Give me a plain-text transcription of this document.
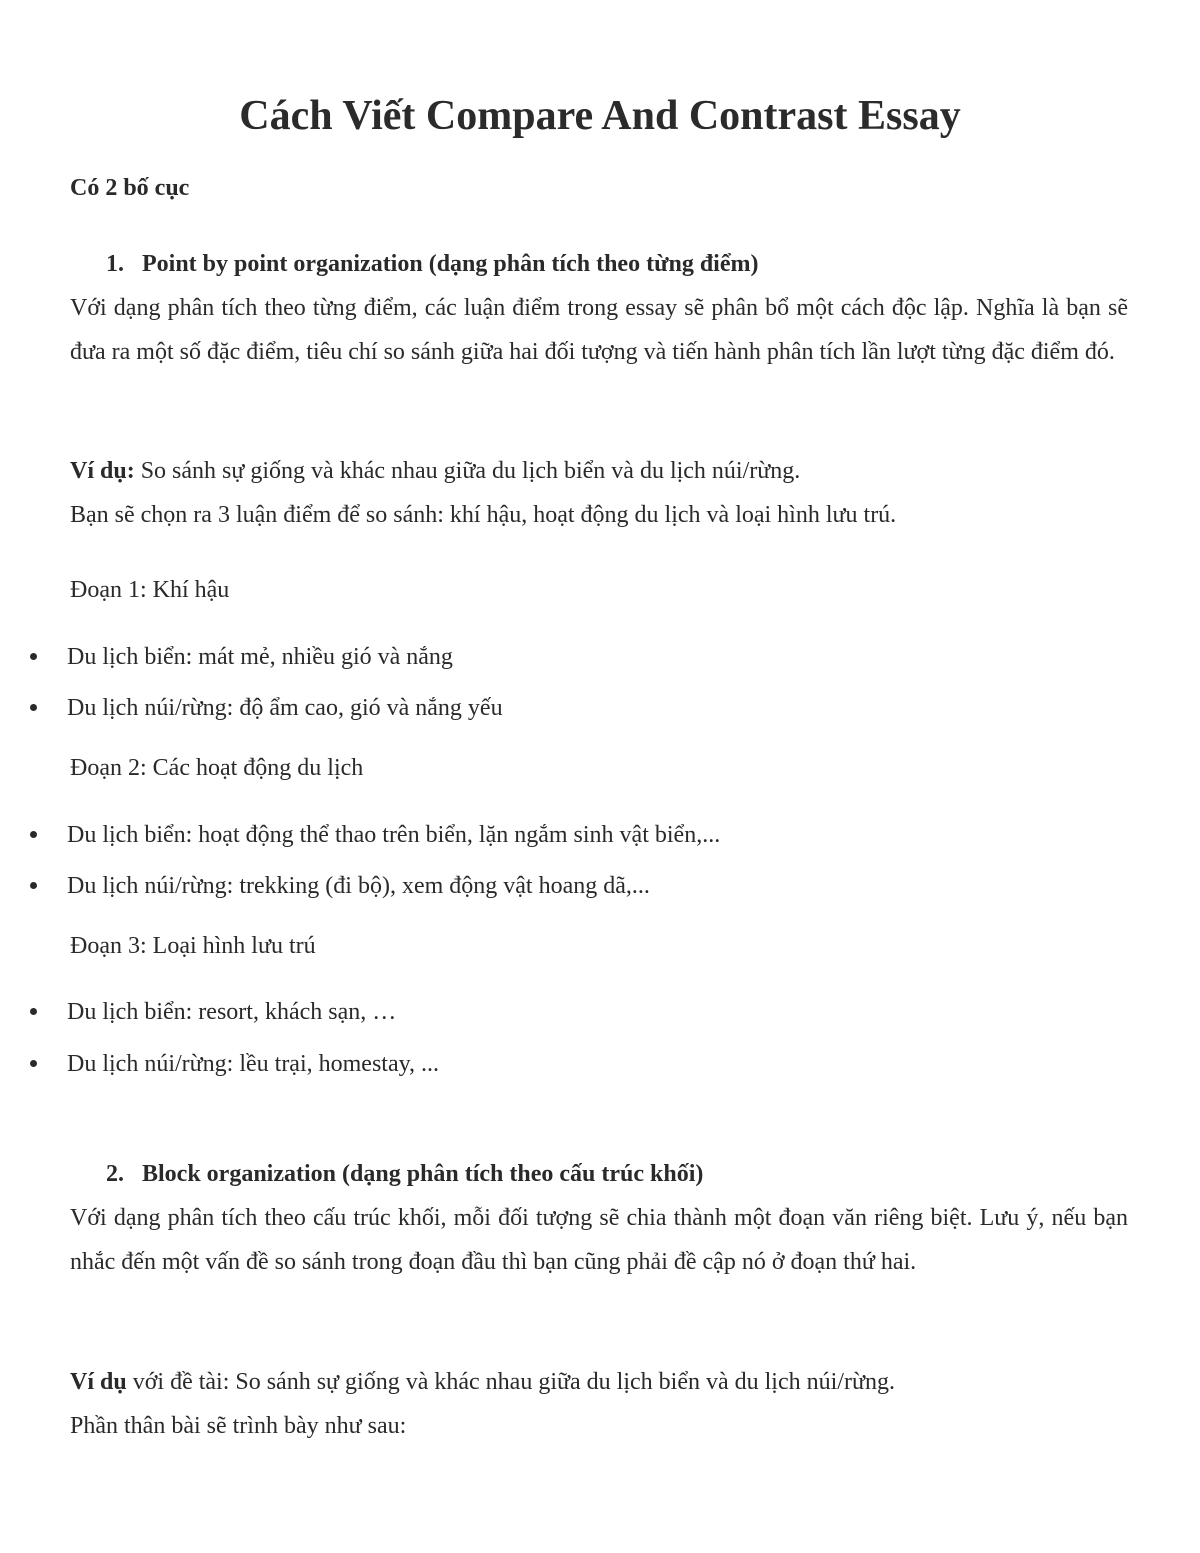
Cách Viết Compare And Contrast Essay

Có 2 bố cục

1. Point by point organization (dạng phân tích theo từng điểm)

Với dạng phân tích theo từng điểm, các luận điểm trong essay sẽ phân bổ một cách độc lập. Nghĩa là bạn sẽ đưa ra một số đặc điểm, tiêu chí so sánh giữa hai đối tượng và tiến hành phân tích lần lượt từng đặc điểm đó.

Ví dụ: So sánh sự giống và khác nhau giữa du lịch biển và du lịch núi/rừng.

Bạn sẽ chọn ra 3 luận điểm để so sánh: khí hậu, hoạt động du lịch và loại hình lưu trú.

Đoạn 1: Khí hậu

Du lịch biển: mát mẻ, nhiều gió và nắng

Du lịch núi/rừng: độ ẩm cao, gió và nắng yếu

Đoạn 2: Các hoạt động du lịch

Du lịch biển: hoạt động thể thao trên biển, lặn ngắm sinh vật biển,...

Du lịch núi/rừng: trekking (đi bộ), xem động vật hoang dã,...

Đoạn 3: Loại hình lưu trú

Du lịch biển: resort, khách sạn, …

Du lịch núi/rừng: lều trại, homestay, ...

2. Block organization (dạng phân tích theo cấu trúc khối)

Với dạng phân tích theo cấu trúc khối, mỗi đối tượng sẽ chia thành một đoạn văn riêng biệt. Lưu ý, nếu bạn nhắc đến một vấn đề so sánh trong đoạn đầu thì bạn cũng phải đề cập nó ở đoạn thứ hai.

Ví dụ với đề tài: So sánh sự giống và khác nhau giữa du lịch biển và du lịch núi/rừng.

Phần thân bài sẽ trình bày như sau:
